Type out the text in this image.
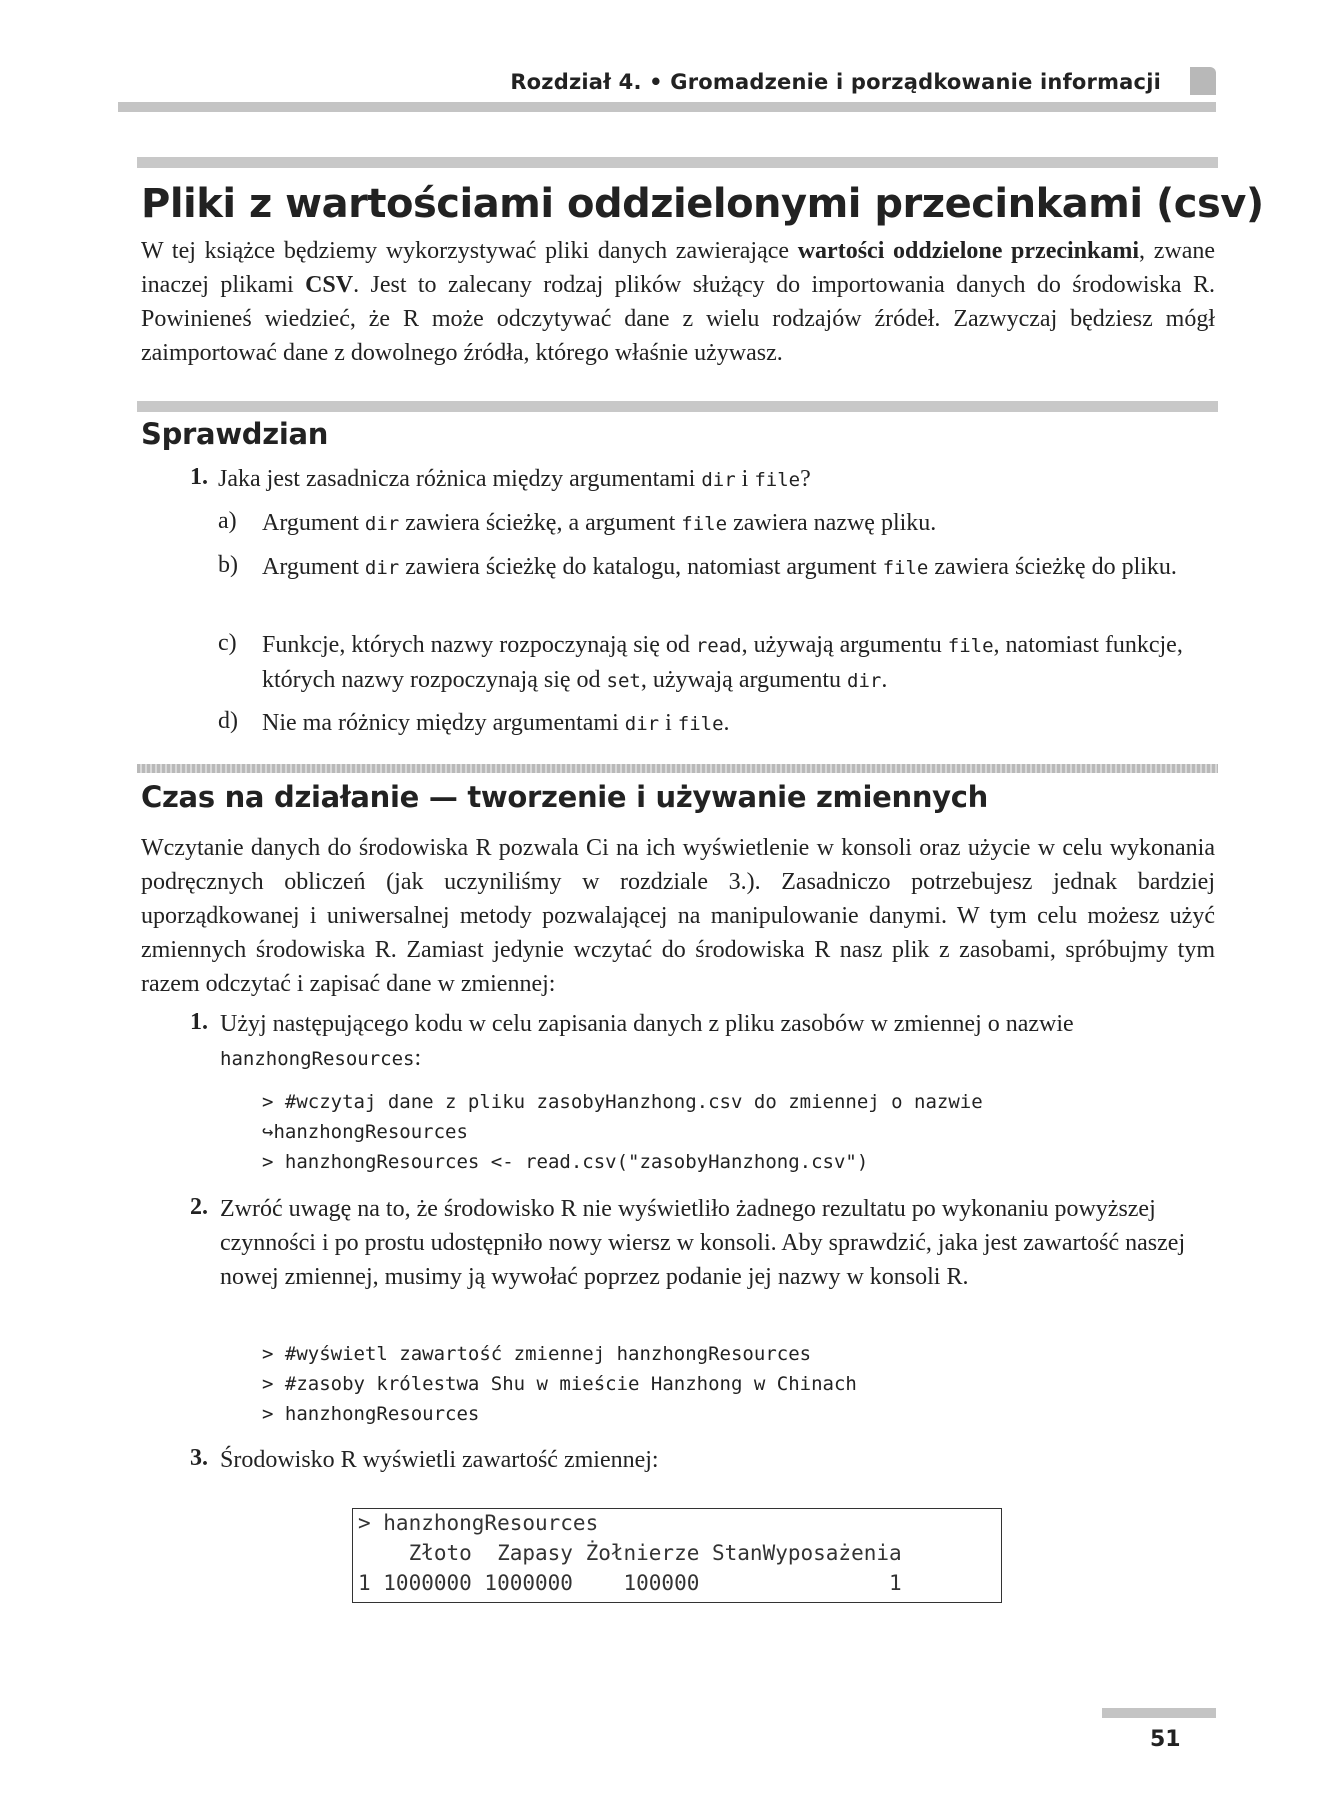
Rozdział 4. • Gromadzenie i porządkowanie informacji
Pliki z wartościami oddzielonymi przecinkami (csv)
W tej książce będziemy wykorzystywać pliki danych zawierające wartości oddzielone przecinkami, zwane inaczej plikami CSV. Jest to zalecany rodzaj plików służący do importowania danych do środowiska R. Powinieneś wiedzieć, że R może odczytywać dane z wielu rodzajów źródeł. Zazwyczaj będziesz mógł zaimportować dane z dowolnego źródła, którego właśnie używasz.
Sprawdzian
1. Jaka jest zasadnicza różnica między argumentami dir i file?
a) Argument dir zawiera ścieżkę, a argument file zawiera nazwę pliku.
b) Argument dir zawiera ścieżkę do katalogu, natomiast argument file zawiera ścieżkę do pliku.
c) Funkcje, których nazwy rozpoczynają się od read, używają argumentu file, natomiast funkcje, których nazwy rozpoczynają się od set, używają argumentu dir.
d) Nie ma różnicy między argumentami dir i file.
Czas na działanie — tworzenie i używanie zmiennych
Wczytanie danych do środowiska R pozwala Ci na ich wyświetlenie w konsoli oraz użycie w celu wykonania podręcznych obliczeń (jak uczyniliśmy w rozdziale 3.). Zasadniczo potrzebujesz jednak bardziej uporządkowanej i uniwersalnej metody pozwalającej na manipulowanie danymi. W tym celu możesz użyć zmiennych środowiska R. Zamiast jedynie wczytać do środowiska R nasz plik z zasobami, spróbujmy tym razem odczytać i zapisać dane w zmiennej:
1. Użyj następującego kodu w celu zapisania danych z pliku zasobów w zmiennej o nazwie hanzhongResources:
> #wczytaj dane z pliku zasobyHanzhong.csv do zmiennej o nazwie
↪hanzhongResources
> hanzhongResources <- read.csv("zasobyHanzhong.csv")
2. Zwróć uwagę na to, że środowisko R nie wyświetliło żadnego rezultatu po wykonaniu powyższej czynności i po prostu udostępniło nowy wiersz w konsoli. Aby sprawdzić, jaka jest zawartość naszej nowej zmiennej, musimy ją wywołać poprzez podanie jej nazwy w konsoli R.
> #wyświetl zawartość zmiennej hanzhongResources
> #zasoby królestwa Shu w mieście Hanzhong w Chinach
> hanzhongResources
3. Środowisko R wyświetli zawartość zmiennej:
> hanzhongResources
Złoto  Zapasy Żołnierze StanWyposażenia
1 1000000 1000000    100000               1
51
